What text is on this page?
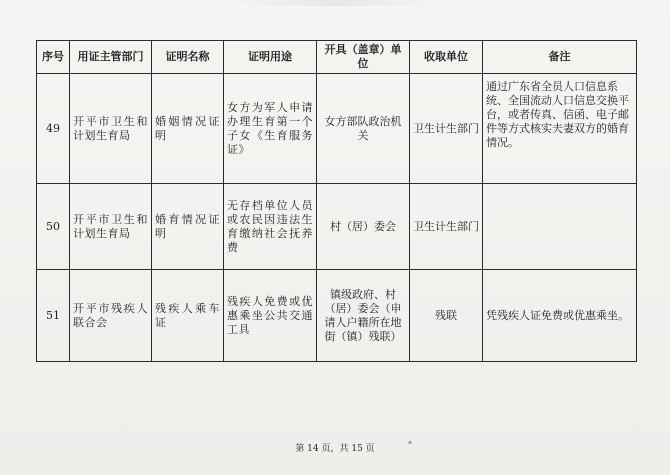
序号	用证主管部门	证明名称	证明用途	开具（盖章）单位	收取单位	备注
49	开平市卫生和计划生育局	婚姻情况证明	女方为军人申请办理生育第一个子女《生育服务证》	女方部队政治机关	卫生计生部门	通过广东省全员人口信息系统、全国流动人口信息交换平台，或者传真、信函、电子邮件等方式核实夫妻双方的婚育情况。
50	开平市卫生和计划生育局	婚育情况证明	无存档单位人员或农民因违法生育缴纳社会抚养费	村（居）委会	卫生计生部门	
51	开平市残疾人联合会	残疾人乘车证	残疾人免费或优惠乘坐公共交通工具	镇级政府、村（居）委会（申请人户籍所在地街（镇）残联）	残联	凭残疾人证免费或优惠乘坐。
第 14 页，共 15 页	*
